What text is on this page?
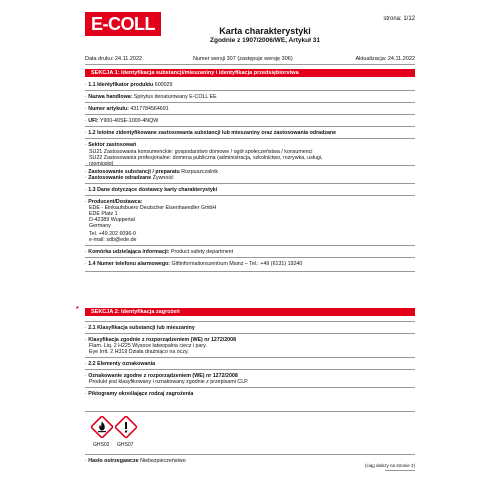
E-COLL	strona: 1/12
Karta charakterystyki
Zgodnie z 1907/2006/WE, Artykuł 31
Data druku: 24.11.2022	Numer wersji 307 (zastępuje wersję 306)	Aktualizacja: 24.11.2022
SEKCJA 1: Identyfikacja substancji/mieszaniny i identyfikacja przedsiębiorstwa
· 1.1 Identyfikator produktu 600029
· Nazwa handlowa: Spirytus denaturowany E-COLL EE
· Numer artykułu: 4317784564691
· UFI: Y900-40SE-1000-4NQW
· 1.2 Istotne zidentyfikowane zastosowania substancji lub mieszaniny oraz zastosowania odradzane
· Sektor zastosowań
SU21 Zastosowania konsumenckie: gospodarstwo domowe / ogół społeczeństwa / konsumenci
SU22 Zastosowania profesjonalne: domena publiczna (administracja, szkolnictwo, rozrywka, usługi,
rzemiosło)
· Zastosowanie substancji / preparatu Rozpuszczalnik
· Zastosowanie odradzane Żywność
· 1.3 Dane dotyczące dostawcy karty charakterystyki
· Producent/Dostawca:
EDE - Einkaufsbuero Deutscher Eisenhaendler GmbH
EDE Platz 1
D-42389 Wuppertal
Germany
Tel. +49 202 6096-0
e-mail: sdb@ede.de
· Komórka udzielająca informacji: Product safety department
· 1.4 Numer telefonu alarmowego: Giftinformationszentrum Mainz – Tel.: +49 (6131) 19240
*	SEKCJA 2: Identyfikacja zagrożeń
· 2.1 Klasyfikacja substancji lub mieszaniny
· Klasyfikacja zgodnie z rozporządzeniem (WE) nr 1272/2008
Flam. Liq. 2 H225 Wysoce łatwopalna ciecz i pary.
Eye Irrit. 2 H319 Działa drażniąco na oczy.
· 2.2 Elementy oznakowania
· Oznakowanie zgodne z rozporządzeniem (WE) nr 1272/2008
Produkt jest klasyfikowany i oznakowany zgodnie z przepisami CLP.
· Piktogramy określające rodzaj zagrożenia
· Hasło ostrzegawcze Niebezpieczeństwo
GHS02 GHS07
(ciąg dalszy na stronie 2)
